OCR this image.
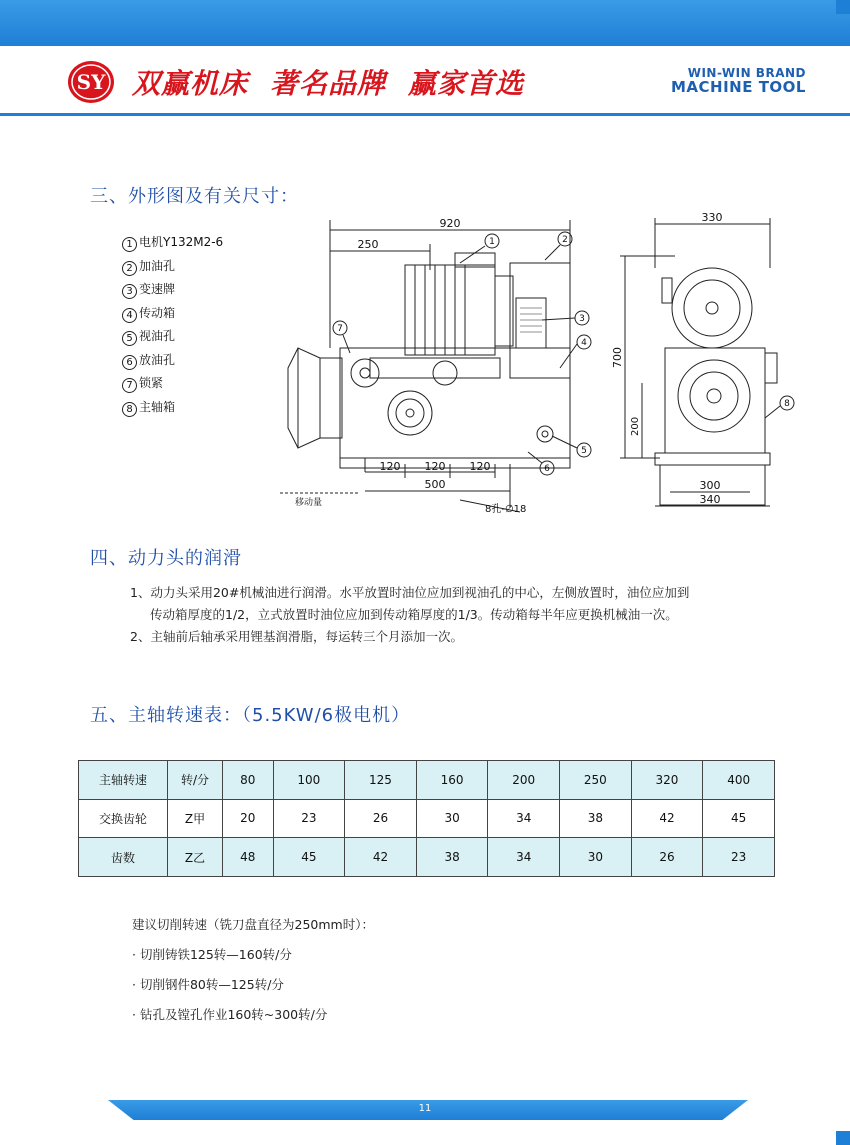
SY 双赢机床 著名品牌 赢家首选	WIN-WIN BRAND
MACHINE TOOL
三、外形图及有关尺寸：
1 电机Y132M2-6
2 加油孔
3 变速牌
4 传动箱
5 视油孔
6 放油孔
7 锁紧
8 主轴箱
920
250
120 120 120
500
移动量
8孔-∅18
1	2
3
4
5
6
7
330
700
200
300
340
8
四、动力头的润滑
1、动力头采用20#机械油进行润滑。水平放置时油位应加到视油孔的中心，左侧放置时，油位应加到
传动箱厚度的1/2，立式放置时油位应加到传动箱厚度的1/3。传动箱每半年应更换机械油一次。
2、主轴前后轴承采用锂基润滑脂，每运转三个月添加一次。
五、主轴转速表：（5.5KW/6极电机）
主轴转速	转/分	80	100	125	160	200	250	320	400
交换齿轮	Z甲	20	23	26	30	34	38	42	45
齿数	Z乙	48	45	42	38	34	30	26	23
建议切削转速（铣刀盘直径为250mm时）：
· 切削铸铁125转—160转/分
· 切削钢件80转—125转/分
· 钻孔及镗孔作业160转~300转/分
11
